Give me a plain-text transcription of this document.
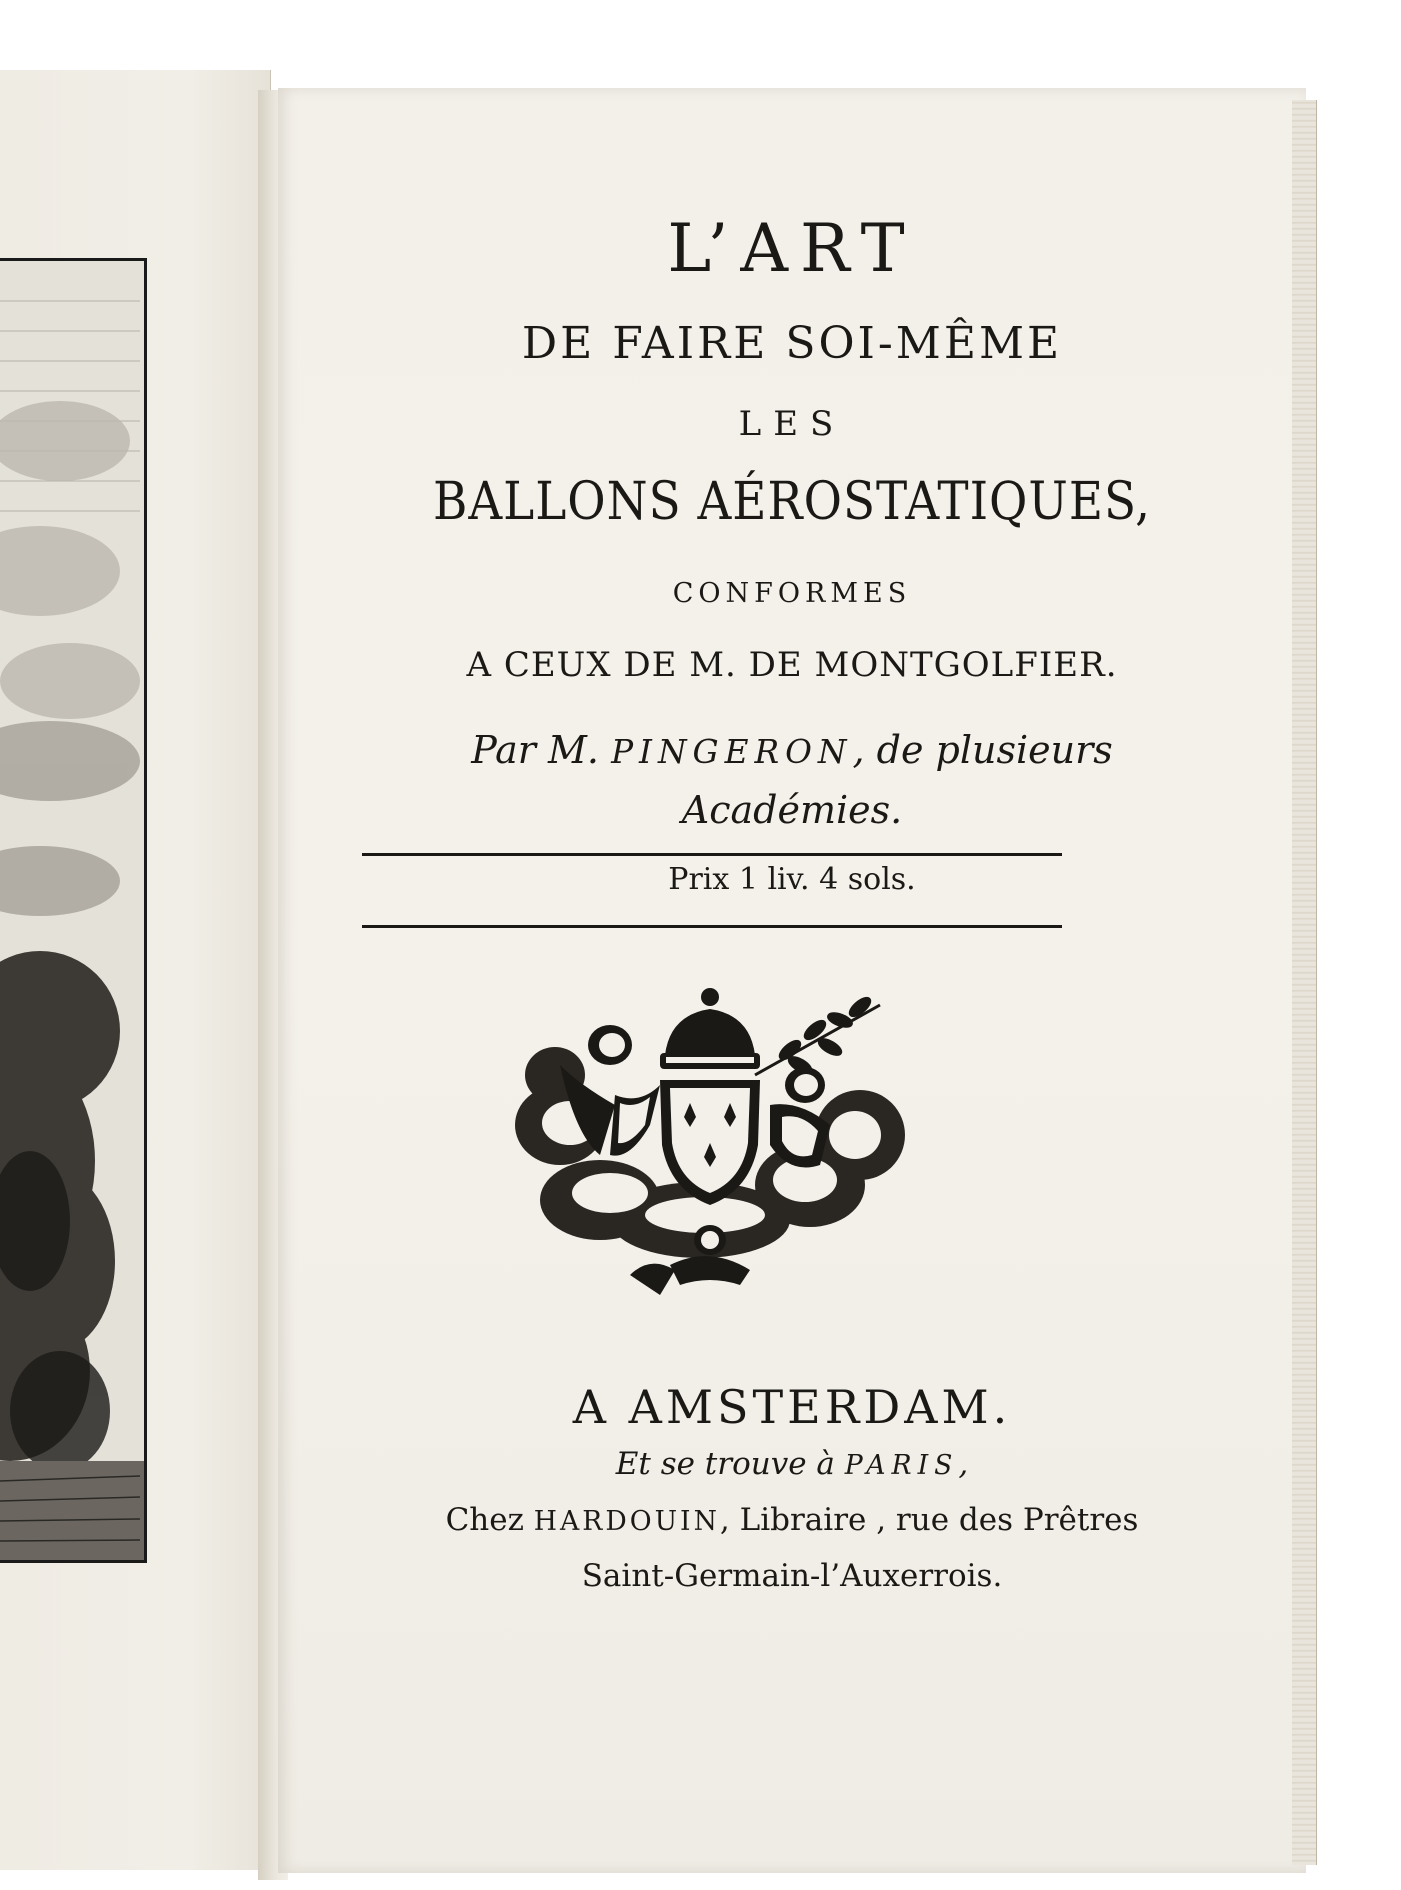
L’ART
DE FAIRE SOI-MÊME
LES
BALLONS AÉROSTATIQUES,
CONFORMES
A CEUX DE M. DE MONTGOLFIER.
Par M. PINGERON, de plusieurs
Académies.
Prix 1 liv. 4 sols.
A AMSTERDAM.
Et se trouve à PARIS,
Chez HARDOUIN, Libraire , rue des Prêtres
Saint-Germain-l’Auxerrois.
